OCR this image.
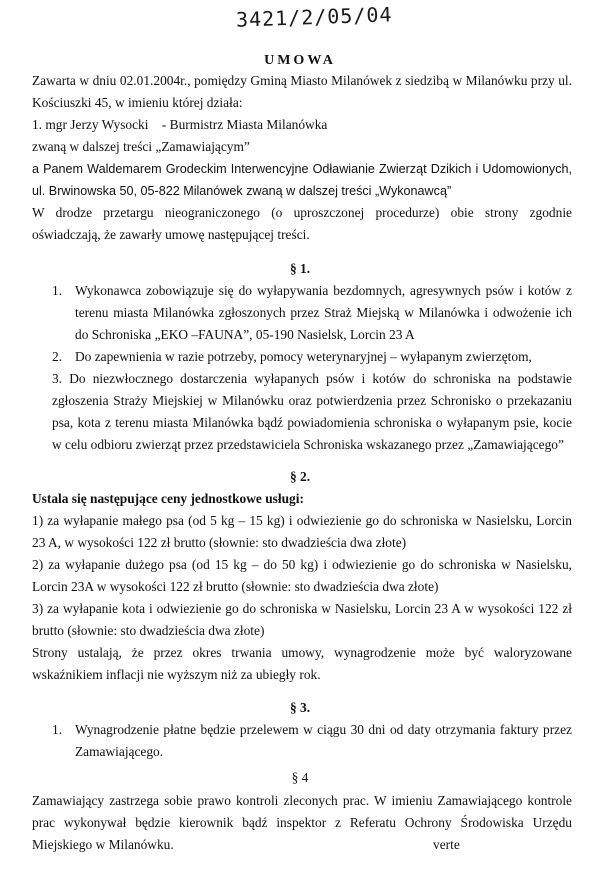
3421/2/05/04
UMOWA

Zawarta w dniu 02.01.2004r., pomiędzy Gminą Miasto Milanówek z siedzibą w Milanówku przy ul. Kościuszki 45, w imieniu której działa:

1. mgr Jerzy Wysocki    - Burmistrz Miasta Milanówka

zwaną w dalszej treści „Zamawiającym”

a Panem Waldemarem Grodeckim Interwencyjne Odławianie Zwierząt Dzikich i Udomowionych, ul. Brwinowska 50, 05-822 Milanówek zwaną w dalszej treści „Wykonawcą”

W drodze przetargu nieograniczonego (o uproszczonej procedurze) obie strony zgodnie oświadczają, że zawarły umowę następującej treści.

§ 1.
1. Wykonawca zobowiązuje się do wyłapywania bezdomnych, agresywnych psów i kotów z terenu miasta Milanówka zgłoszonych przez Straż Miejską w Milanówka i odwożenie ich do Schroniska „EKO –FAUNA”, 05-190 Nasielsk, Lorcin 23 A
2. Do zapewnienia w razie potrzeby, pomocy weterynaryjnej – wyłapanym zwierzętom,
3. Do niezwłocznego dostarczenia wyłapanych psów i kotów do schroniska na podstawie zgłoszenia Straży Miejskiej w Milanówku oraz potwierdzenia przez Schronisko o przekazaniu psa, kota z terenu miasta Milanówka bądź powiadomienia schroniska o wyłapanym psie, kocie w celu odbioru zwierząt przez przedstawiciela Schroniska wskazanego przez „Zamawiającego”
§ 2.

Ustala się następujące ceny jednostkowe usługi:

1) za wyłapanie małego psa (od 5 kg – 15 kg) i odwiezienie go do schroniska w Nasielsku, Lorcin 23 A, w wysokości 122 zł brutto (słownie: sto dwadzieścia dwa złote)

2) za wyłapanie dużego psa (od 15 kg – do 50 kg) i odwiezienie go do schroniska w Nasielsku, Lorcin 23A w wysokości 122 zł brutto (słownie: sto dwadzieścia dwa złote)

3) za wyłapanie kota i odwiezienie go do schroniska w Nasielsku, Lorcin 23 A w wysokości 122 zł brutto (słownie: sto dwadzieścia dwa złote)

Strony ustalają, że przez okres trwania umowy, wynagrodzenie może być waloryzowane wskaźnikiem inflacji nie wyższym niż za ubiegły rok.

§ 3.
1. Wynagrodzenie płatne będzie przelewem w ciągu 30 dni od daty otrzymania faktury przez Zamawiającego.
§ 4
Zamawiający zastrzega sobie prawo kontroli zleconych prac. W imieniu Zamawiającego kontrole prac wykonywał będzie kierownik bądź inspektor z Referatu Ochrony Środowiska Urzędu Miejskiego w Milanówku.	verte
